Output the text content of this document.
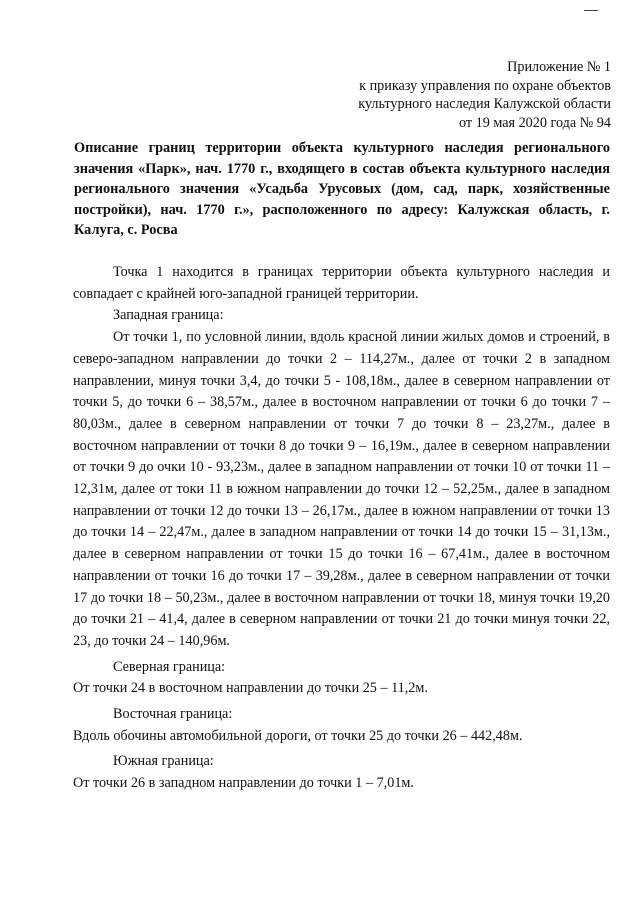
Приложение № 1
к приказу управления по охране объектов
культурного наследия Калужской области
от 19 мая 2020 года № 94
Описание границ территории объекта культурного наследия регионального значения «Парк», нач. 1770 г., входящего в состав объекта культурного наследия регионального значения «Усадьба Урусовых (дом, сад, парк, хозяйственные постройки), нач. 1770 г.», расположенного по адресу: Калужская область, г. Калуга, с. Росва

Точка 1 находится в границах территории объекта культурного наследия и совпадает с крайней юго-западной границей территории.

Западная граница:

От точки 1, по условной линии, вдоль красной линии жилых домов и строений, в северо-западном направлении до точки 2 – 114,27м., далее от точки 2 в западном направлении, минуя точки 3,4, до точки 5 - 108,18м., далее в северном направлении от точки 5, до точки 6 – 38,57м., далее в восточном направлении от точки 6 до точки 7 – 80,03м., далее в северном направлении от точки 7 до точки 8 – 23,27м., далее в восточном направлении от точки 8 до точки 9 – 16,19м., далее в северном направлении от точки 9 до очки 10 - 93,23м., далее в западном направлении от точки 10 от точки 11 – 12,31м, далее от токи 11 в южном направлении до точки 12 – 52,25м., далее в западном направлении от точки 12 до точки 13 – 26,17м., далее в южном направлении от точки 13 до точки 14 – 22,47м., далее в западном направлении от точки 14 до точки 15 – 31,13м., далее в северном направлении от точки 15 до точки 16 – 67,41м., далее в восточном направлении от точки 16 до точки 17 – 39,28м., далее в северном направлении от точки 17 до точки 18 – 50,23м., далее в восточном направлении от точки 18, минуя точки 19,20 до точки 21 – 41,4, далее в северном направлении от точки 21 до точки минуя точки 22, 23, до точки 24 – 140,96м.

Северная граница:

От точки 24 в восточном направлении до точки 25 – 11,2м.

Восточная граница:

Вдоль обочины автомобильной дороги, от точки 25 до точки 26 – 442,48м.

Южная граница:

От точки 26 в западном направлении до точки 1 – 7,01м.
